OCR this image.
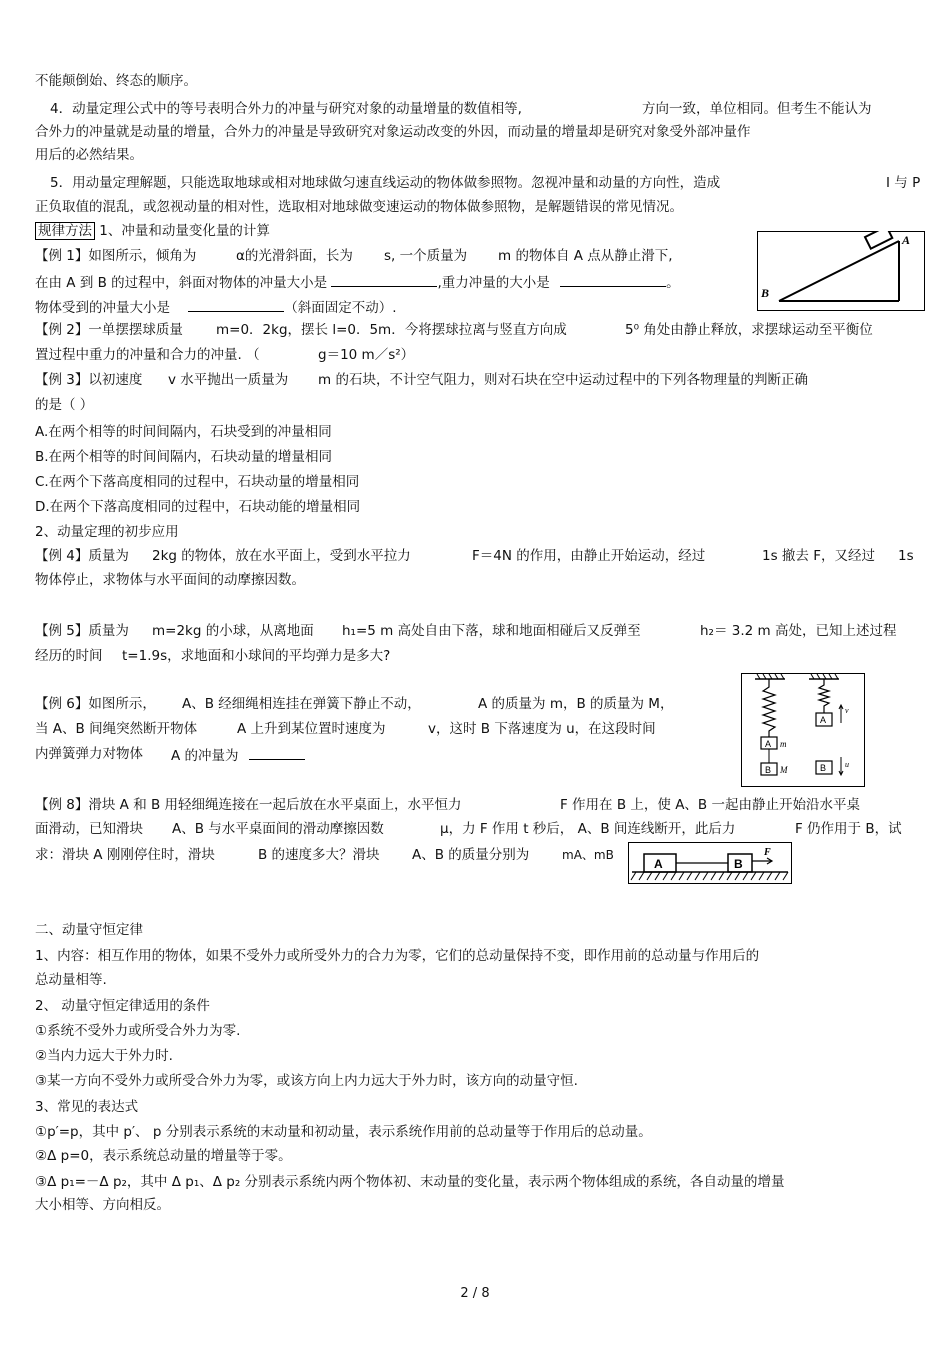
不能颠倒始、终态的顺序。

4．动量定理公式中的等号表明合外力的冲量与研究对象的动量增量的数值相等,	方向一致，单位相同。但考生不能认为

合外力的冲量就是动量的增量，合外力的冲量是导致研究对象运动改变的外因，而动量的增量却是研究对象受外部冲量作

用后的必然结果。

5．用动量定理解题，只能选取地球或相对地球做匀速直线运动的物体做参照物。忽视冲量和动量的方向性，造成	I 与 P

正负取值的混乱，或忽视动量的相对性，选取相对地球做变速运动的物体做参照物，是解题错误的常见情况。

规律方法 1、冲量和动量变化量的计算

【例 1】如图所示，倾角为	α的光滑斜面，长为 s, 一个质量为 m 的物体自 A 点从静止滑下,

在由 A 到 B 的过程中，斜面对物体的冲量大小是	,重力冲量的大小是	。

物体受到的冲量大小是	（斜面固定不动）.

【例 2】一单摆摆球质量 m=0．2kg，摆长 l=0．5m．今将摆球拉离与竖直方向成	5⁰ 角处由静止释放，求摆球运动至平衡位

置过程中重力的冲量和合力的冲量. （	g＝10 m／s²）

【例 3】以初速度 v 水平抛出一质量为 m 的石块，不计空气阻力，则对石块在空中运动过程中的下列各物理量的判断正确

的是（ ）

A.在两个相等的时间间隔内，石块受到的冲量相同

B.在两个相等的时间间隔内，石块动量的增量相同

C.在两个下落高度相同的过程中，石块动量的增量相同

D.在两个下落高度相同的过程中，石块动能的增量相同

2、动量定理的初步应用

【例 4】质量为 2kg 的物体，放在水平面上，受到水平拉力	F＝4N 的作用，由静止开始运动，经过	1s 撤去 F，又经过 1s

物体停止，求物体与水平面间的动摩擦因数。

【例 5】质量为 m=2kg 的小球，从离地面 h₁=5 m 高处自由下落，球和地面相碰后又反弹至	h₂＝ 3.2 m 高处，已知上述过程

经历的时间 t=1.9s，求地面和小球间的平均弹力是多大?

【例 6】如图所示， A、B 经细绳相连挂在弹簧下静止不动，	A 的质量为 m，B 的质量为 M，

当 A、B 间绳突然断开物体	A 上升到某位置时速度为	v，这时 B 下落速度为 u，在这段时间

内弹簧弹力对物体 A 的冲量为

【例 8】滑块 A 和 B 用轻细绳连接在一起后放在水平桌面上，水平恒力	F 作用在 B 上，使 A、B 一起由静止开始沿水平桌

面滑动，已知滑块 A、B 与水平桌面间的滑动摩擦因数	μ，力 F 作用 t 秒后， A、B 间连线断开，此后力	F 仍作用于 B，试

求：滑块 A 刚刚停住时，滑块	B 的速度多大？滑块 A、B 的质量分别为	mA、mB

二、动量守恒定律

1、内容：相互作用的物体，如果不受外力或所受外力的合力为零，它们的总动量保持不变，即作用前的总动量与作用后的

总动量相等.

2、 动量守恒定律适用的条件

①系统不受外力或所受合外力为零.

②当内力远大于外力时.

③某一方向不受外力或所受合外力为零，或该方向上内力远大于外力时，该方向的动量守恒.

3、常见的表达式

①p′=p，其中 p′、 p 分别表示系统的末动量和初动量，表示系统作用前的总动量等于作用后的总动量。

②Δ p=0，表示系统总动量的增量等于零。

③Δ p₁=－Δ p₂，其中 Δ p₁、Δ p₂ 分别表示系统内两个物体初、末动量的变化量，表示两个物体组成的系统，各自动量的增量

大小相等、方向相反。

A
B
A m
B M
A
v
B u
A	B
F
2 / 8
